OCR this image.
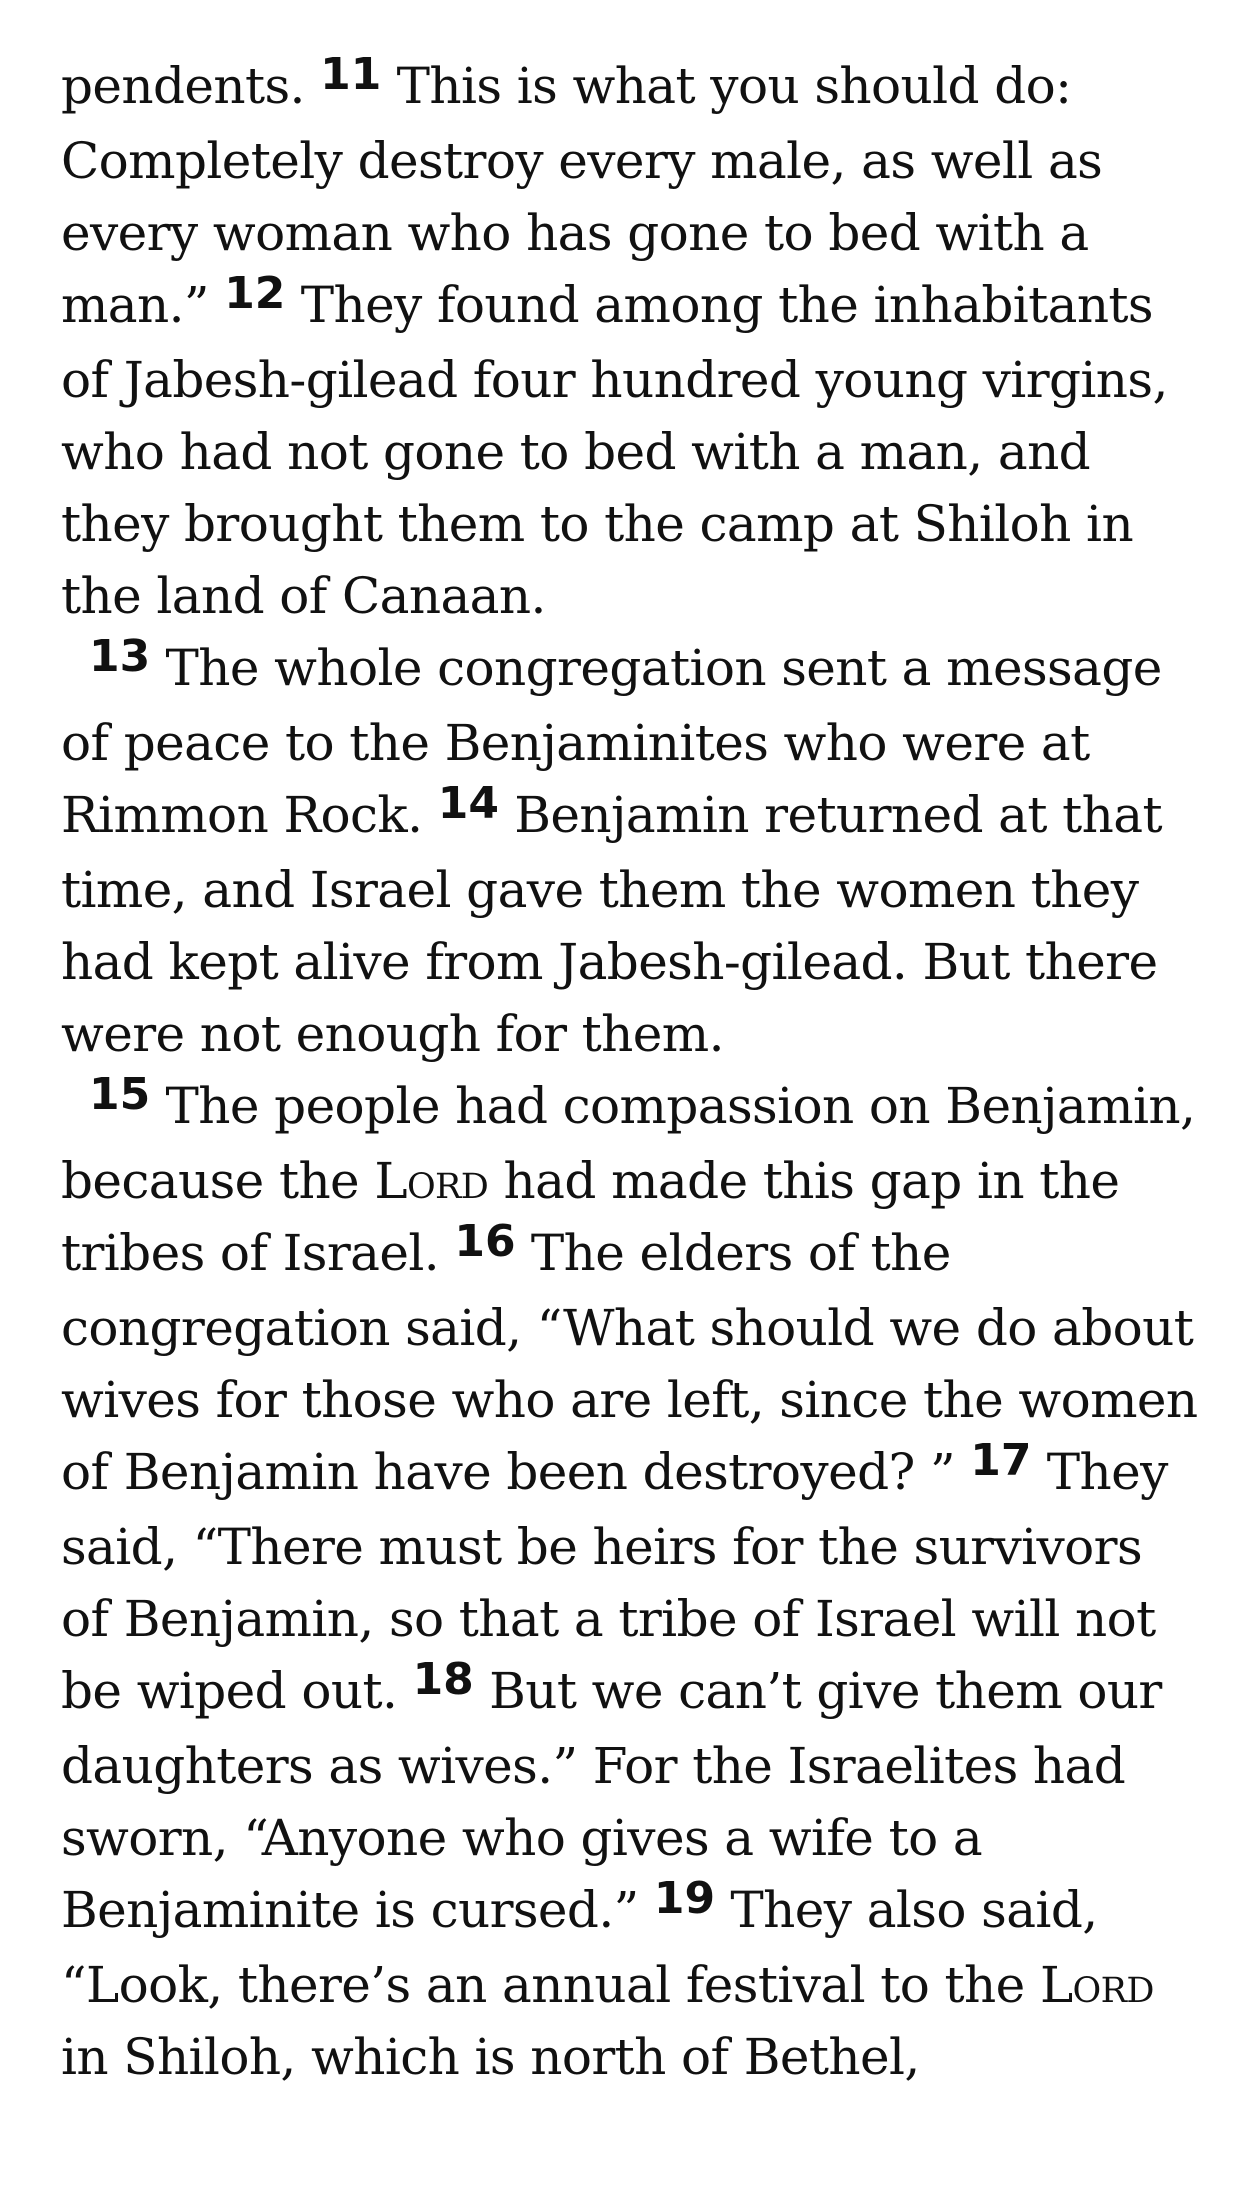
pendents. 11 This is what you should do: Completely destroy every male, as well as every woman who has gone to bed with a man.” 12 They found among the inhabitants of Jabesh-gilead four hundred young virgins, who had not gone to bed with a man, and they brought them to the camp at Shiloh in the land of Canaan.

13 The whole congregation sent a message of peace to the Benjaminites who were at Rimmon Rock. 14 Benjamin returned at that time, and Israel gave them the women they had kept alive from Jabesh-gilead. But there were not enough for them.

15 The people had compassion on Benjamin, because the Lord had made this gap in the tribes of Israel. 16 The elders of the congregation said, “What should we do about wives for those who are left, since the women of Benjamin have been destroyed? ” 17 They said, “There must be heirs for the survivors of Benjamin, so that a tribe of Israel will not be wiped out. 18 But we can’t give them our daughters as wives.” For the Israelites had sworn, “Anyone who gives a wife to a Benjaminite is cursed.” 19 They also said, “Look, there’s an annual festival to the Lord in Shiloh, which is north of Bethel,
